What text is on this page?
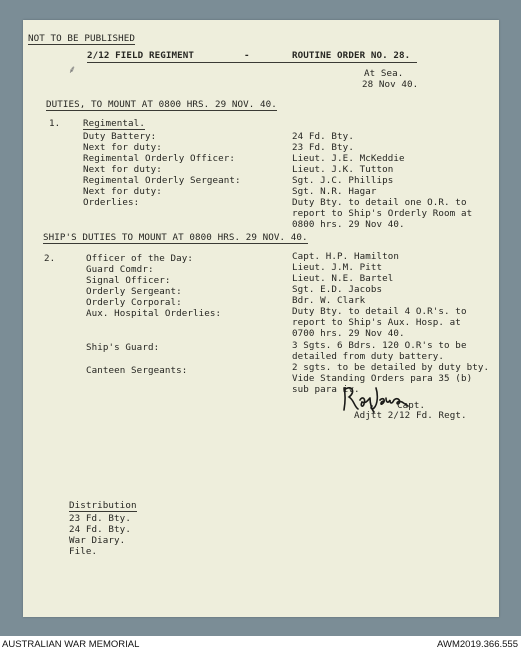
NOT TO BE PUBLISHED
2/12 FIELD REGIMENT	-	ROUTINE ORDER NO. 28.
⸙	At Sea.
28 Nov 40.
DUTIES, TO MOUNT AT 0800 HRS. 29 NOV. 40.
1. Regimental.
Duty Battery:	24 Fd. Bty.
Next for duty:	23 Fd. Bty.
Regimental Orderly Officer:	Lieut. J.E. McKeddie
Next for duty:	Lieut. J.K. Tutton
Regimental Orderly Sergeant:	Sgt. J.C. Phillips
Next for duty:	Sgt. N.R. Hagar
Orderlies:	Duty Bty. to detail one O.R. to
report to Ship's Orderly Room at
0800 hrs. 29 Nov 40.
SHIP'S DUTIES TO MOUNT AT 0800 HRS. 29 NOV. 40.
2.	Officer of the Day:	Capt. H.P. Hamilton
Guard Comdr:	Lieut. J.M. Pitt
Signal Officer:	Lieut. N.E. Bartel
Orderly Sergeant:	Sgt. E.D. Jacobs
Orderly Corporal:	Bdr. W. Clark
Aux. Hospital Orderlies:	Duty Bty. to detail 4 O.R's. to
report to Ship's Aux. Hosp. at
0700 hrs. 29 Nov 40.
Ship's Guard:	3 Sgts. 6 Bdrs. 120 O.R's to be
detailed from duty battery.
Canteen Sergeants:	2 sgts. to be detailed by duty bty.
Vide Standing Orders para 35 (b)
sub para iv.
Capt.
Adjtt 2/12 Fd. Regt.
Distribution
23 Fd. Bty.
24 Fd. Bty.
War Diary.
File.
AUSTRALIAN WAR MEMORIAL	AWM2019.366.555
